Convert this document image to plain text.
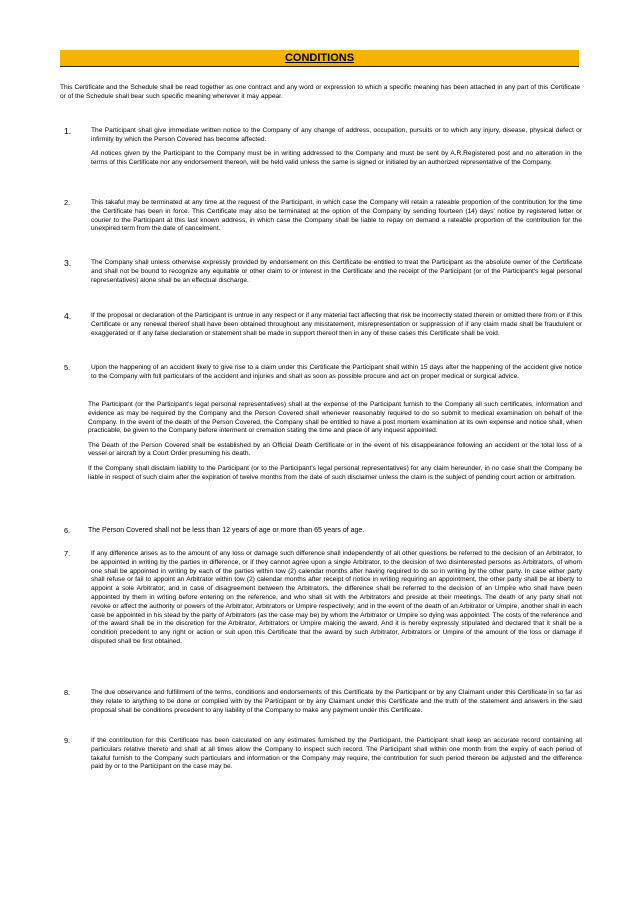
CONDITIONS

This Certificate and the Schedule shall be read together as one contract and any word or expression to which a specific meaning has been attached in any part of this Certificate or of the Schedule shall bear such specific meaning wherever it may appear.

1.	The Participant shall give immediate written notice to the Company of any change of address, occupation, pursuits or to which any injury, disease, physical defect or infirmity by which the Person Covered has become affected.

All notices given by the Participant to the Company must be in writing addressed to the Company and must be sent by A.R.Registered post and no alteration in the terms of this Certificate nor any endorsement thereon, will be held valid unless the same is signed or initialed by an authorized representative of the Company.

2.	This takaful may be terminated at any time at the request of the Participant, in which case the Company will retain a rateable proportion of the contribution for the time the Certificate has been in force. This Certificate may also be terminated at the option of the Company by sending fourteen (14) days' notice by registered letter or courier to the Participant at this last known address, in which case the Company shall be liable to repay on demand a rateable proportion of the contribution for the unexpired term from the date of cancelment.

3.	The Company shall unless otherwise expressly provided by endorsement on this Certificate be entitled to treat the Participant as the absolute owner of the Certificate and shall not be bound to recognize any equitable or other claim to or interest in the Certificate and the receipt of the Participant (or of the Participant's legal personal representatives) alone shall be an effectual discharge.

4.	If the proposal or declaration of the Participant is untrue in any respect or if any material fact affecting that risk be incorrectly stated therein or omitted there from or if this Certificate or any renewal thereof shall have been obtained throughout any misstatement, misrepresentation or suppression of if any claim made shall be fraudulent or exaggerated or if any false declaration or statement shall be made in support thereof then in any of these cases this Certificate shall be void.

5.	Upon the happening of an accident likely to give rise to a claim under this Certificate the Participant shall within 15 days after the happening of the accident give notice to the Company with full particulars of the accident and injuries and shall as soon as possible procure and act on proper medical or surgical advice.

The Participant (or the Participant's legal personal representatives) shall at the expense of the Participant furnish to the Company all such certificates, information and evidence as may be required by the Company and the Person Covered shall whenever reasonably required to do so submit to medical examination on behalf of the Company. In the event of the death of the Person Covered, the Company shall be entitled to have a post mortem examination at its own expense and notice shall, when practicable, be given to the Company before interment or cremation stating the time and place of any inquest appointed.

The Death of the Person Covered shall be established by an Official Death Certificate or in the event of his disappearance following an accident or the total loss of a vessel or aircraft by a Court Order presuming his death.

If the Company shall disclaim liability to the Participant (or to the Participant's legal personal representatives) for any claim hereunder, in no case shall the Company be liable in respect of such claim after the expiration of twelve months from the date of such disclaimer unless the claim is the subject of pending court action or arbitration.

6.	The Person Covered shall not be less than 12 years of age or more than 65 years of age.

7.	If any difference arises as to the amount of any loss or damage such difference shall independently of all other questions be referred to the decision of an Arbitrator, to be appointed in writing by the parties in difference, or if they cannot agree upon a single Arbitrator, to the decision of two disinterested persons as Arbitrators, of whom one shall be appointed in writing by each of the parties within tow (2) calendar months after having required to do so in writing by the other party. In case either party shall refuse or fail to appoint an Arbitrator within tow (2) calendar months after receipt of notice in writing requiring an appointment, the other party shall be at liberty to appoint a sole Arbitrator; and in case of disagreement between the Arbitrators, the difference shall be referred to the decision of an Umpire who shall have been appointed by them in writing before entering on the reference, and who shall sit with the Arbitrators and preside at their meetings. The death of any party shall not revoke or affect the authority or powers of the Arbitrator, Arbitrators or Umpire respectively; and in the event of the death of an Arbitrator or Umpire, another shall in each case be appointed in his stead by the party of Arbitrators (as the case may be) by whom the Arbitrator or Umpire so dying was appointed. The costs of the reference and of the award shall be in the discretion for the Arbitrator, Arbitrators or Umpire making the award. And it is hereby expressly stipulated and declared that it shall be a condition precedent to any right or action or suit upon this Certificate that the award by such Arbitrator, Arbitrators or Umpire of the amount of the loss or damage if disputed shall be first obtained.

8.	The due observance and fulfillment of the terms, conditions and endorsements of this Certificate by the Participant or by any Claimant under this Certificate in so far as they relate to anything to be done or complied with by the Participant or by any Claimant under this Certificate and the truth of the statement and answers in the said proposal shall be conditions precedent to any liability of the Company to make any payment under this Certificate.

9.	If the contribution for this Certificate has been calculated on any estimates furnished by the Participant, the Participant shall keep an accurate record containing all particulars relative thereto and shall at all times allow the Company to inspect such record. The Participant shall within one month from the expiry of each period of takaful furnish to the Company such particulars and information or the Company may require, the contribution for such period thereon be adjusted and the difference paid by or to the Participant on the case may be.
